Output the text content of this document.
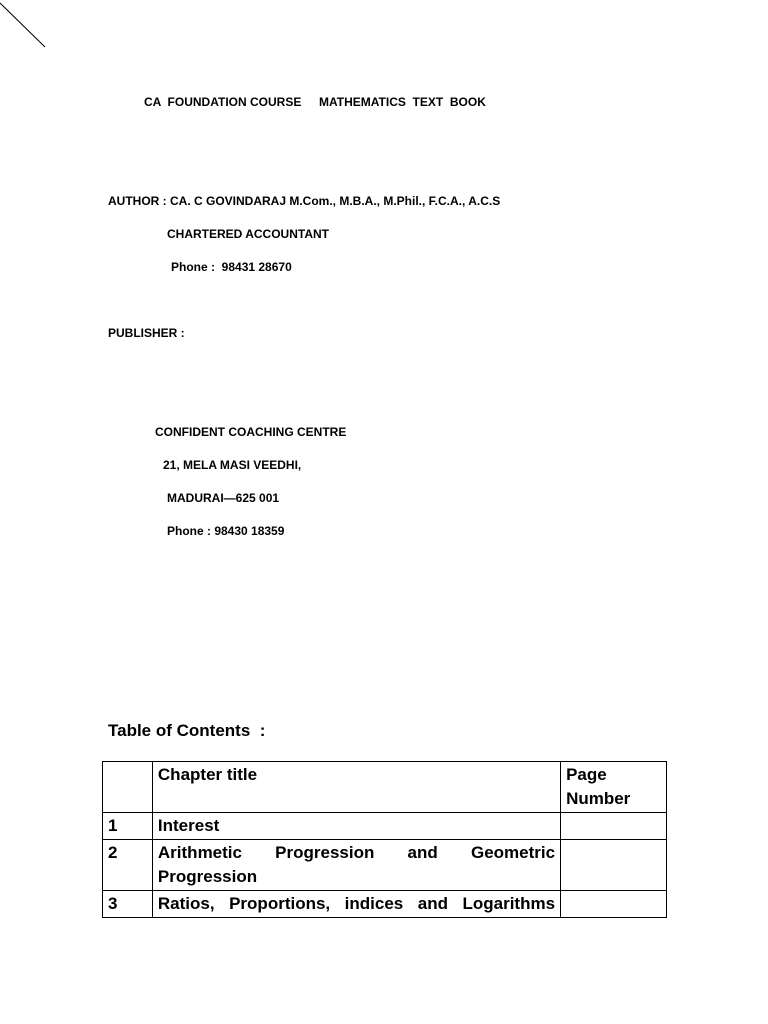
CA  FOUNDATION COURSE MATHEMATICS  TEXT  BOOK
AUTHOR : CA. C GOVINDARAJ M.Com., M.B.A., M.Phil., F.C.A., A.C.S
CHARTERED ACCOUNTANT
Phone :  98431 28670
PUBLISHER :
CONFIDENT COACHING CENTRE
21, MELA MASI VEEDHI,
MADURAI—625 001
Phone : 98430 18359
Table of Contents  :
	Chapter title	Page Number
1	Interest	
2	Arithmetic Progression and Geometric Progression	
3	Ratios, Proportions, indices and Logarithms	
